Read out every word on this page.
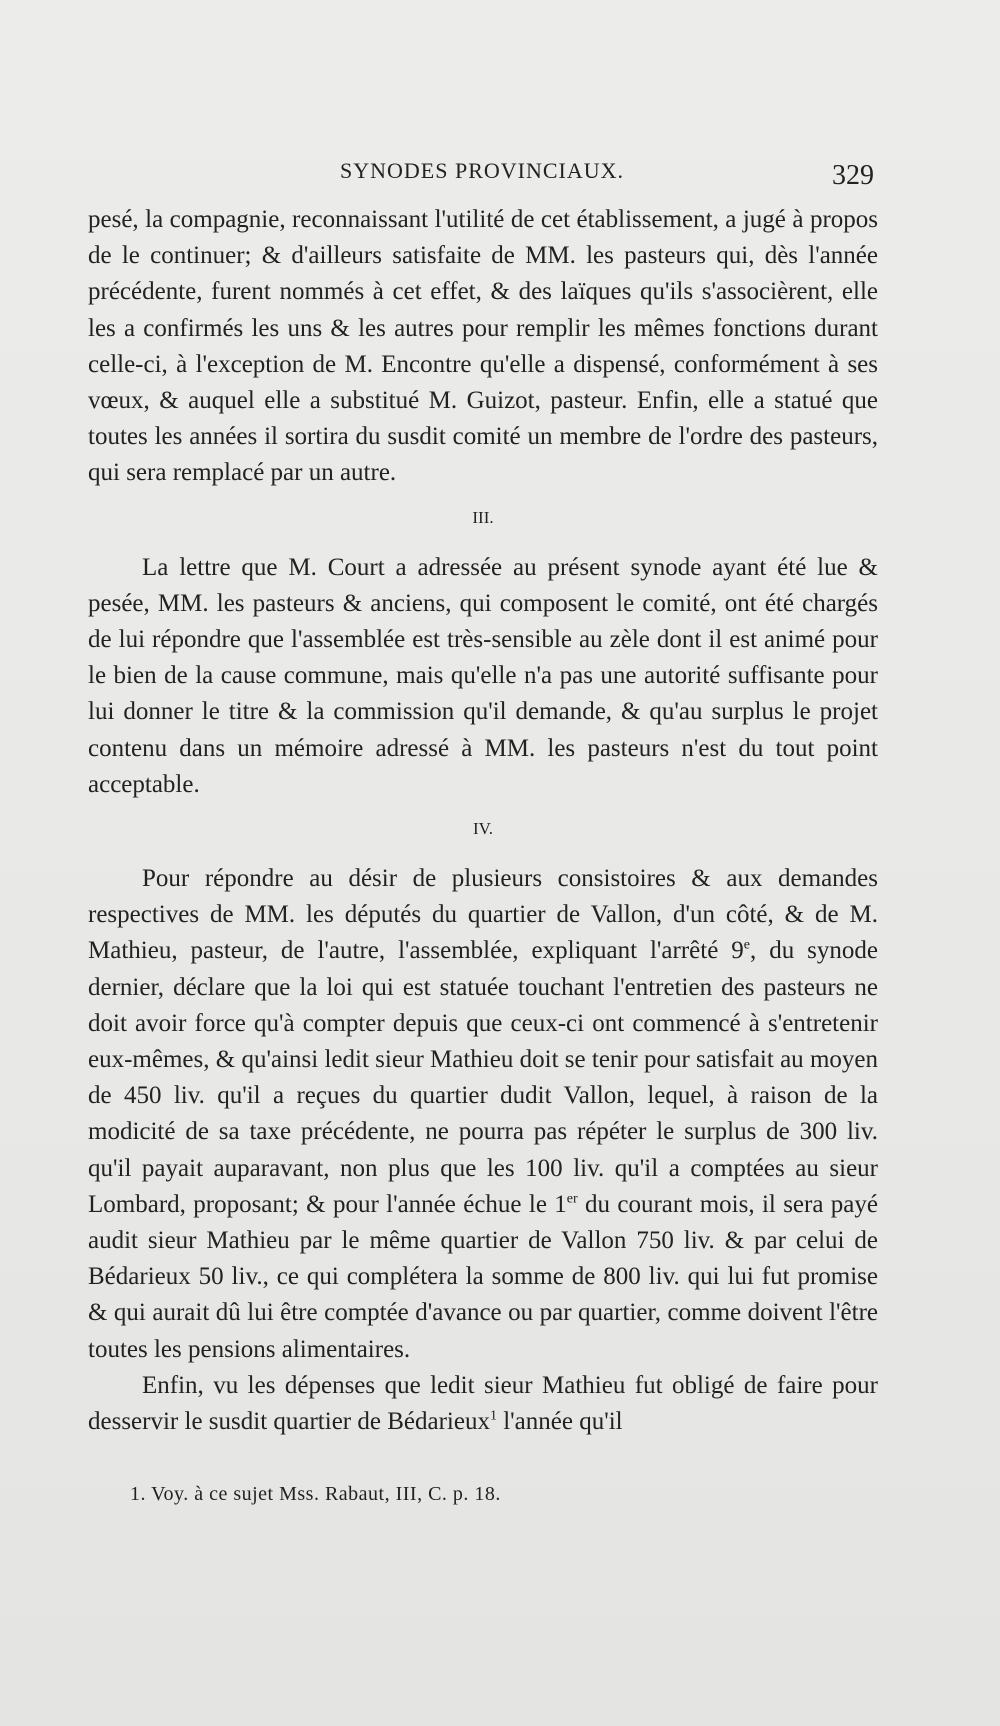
SYNODES PROVINCIAUX.	329

pesé, la compagnie, reconnaissant l'utilité de cet établissement, a jugé à propos de le continuer; & d'ailleurs satisfaite de MM. les pasteurs qui, dès l'année précédente, furent nommés à cet effet, & des laïques qu'ils s'associèrent, elle les a confirmés les uns & les autres pour remplir les mêmes fonctions durant celle-ci, à l'exception de M. Encontre qu'elle a dispensé, conformément à ses vœux, & auquel elle a substitué M. Guizot, pasteur. Enfin, elle a statué que toutes les années il sortira du susdit comité un membre de l'ordre des pasteurs, qui sera remplacé par un autre.

III.

La lettre que M. Court a adressée au présent synode ayant été lue & pesée, MM. les pasteurs & anciens, qui composent le comité, ont été chargés de lui répondre que l'assemblée est très-sensible au zèle dont il est animé pour le bien de la cause commune, mais qu'elle n'a pas une autorité suffisante pour lui donner le titre & la commission qu'il demande, & qu'au surplus le projet contenu dans un mémoire adressé à MM. les pasteurs n'est du tout point acceptable.

IV.

Pour répondre au désir de plusieurs consistoires & aux demandes respectives de MM. les députés du quartier de Vallon, d'un côté, & de M. Mathieu, pasteur, de l'autre, l'assemblée, expliquant l'arrêté 9e, du synode dernier, déclare que la loi qui est statuée touchant l'entretien des pasteurs ne doit avoir force qu'à compter depuis que ceux-ci ont commencé à s'entretenir eux-mêmes, & qu'ainsi ledit sieur Mathieu doit se tenir pour satisfait au moyen de 450 liv. qu'il a reçues du quartier dudit Vallon, lequel, à raison de la modicité de sa taxe précédente, ne pourra pas répéter le surplus de 300 liv. qu'il payait auparavant, non plus que les 100 liv. qu'il a comptées au sieur Lombard, proposant; & pour l'année échue le 1er du courant mois, il sera payé audit sieur Mathieu par le même quartier de Vallon 750 liv. & par celui de Bédarieux 50 liv., ce qui complétera la somme de 800 liv. qui lui fut promise & qui aurait dû lui être comptée d'avance ou par quartier, comme doivent l'être toutes les pensions alimentaires.

Enfin, vu les dépenses que ledit sieur Mathieu fut obligé de faire pour desservir le susdit quartier de Bédarieux$^1$ l'année qu'il

1. Voy. à ce sujet Mss. Rabaut, III, C. p. 18.
